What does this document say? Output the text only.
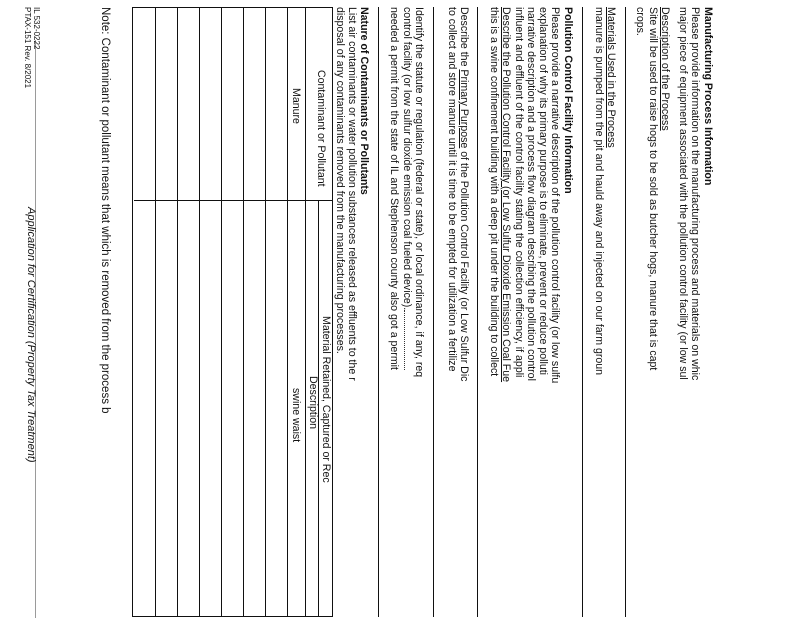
Manufacturing Process Information
Please provide information on the manufacturing process and materials on whic
major piece of equipment associated with the pollution control facility (or low sul
Description of the Process
Site will be used to raise hogs to be sold as butcher hogs, manure that is capt
crops.
Materials Used in the Process
manure is pumped from the pit and hauld away and injected on our farm groun
Pollution Control Facility Information
Please provide a narrative description of the pollution control facility (or low sulfu
explanation of why its primary purpose is to eliminate, prevent or reduce polluti
narrative description and a process flow diagram describing the pollution control
influent and effluent of the control facility stating the collection efficiency, if appli
Describe the Pollution Control Facility (or Low Sulfur Dioxide Emission Coal Fue
this is a swine confinement building with a deep pit under the building to collect
Describe the Primary Purpose of the Pollution Control Facility (or Low Sulfur Dic
to collect and store manure until it is time to be empted for utilization a fertilize
Identify the statute or regulation (federal or state), or local ordinance, if any, req
control facility (or low sulfur dioxide emission coal fueled device).
needed a permit from the state of IL and Stephenson county also got a permit
Nature of Contaminants or Pollutants
List air contaminants or water pollution substances released as effluents to the r
disposal of any contaminants removed from the manufacturing processes.
Contaminant or Pollutant
Material Retained, Captured or Rec
Description
Manure
swine waist
Note: Contaminant or pollutant means that which is removed from the process b
IL 532-0222
PTAX-151 Rev. 8/2021
Application for Certification (Property Tax Treatment)
